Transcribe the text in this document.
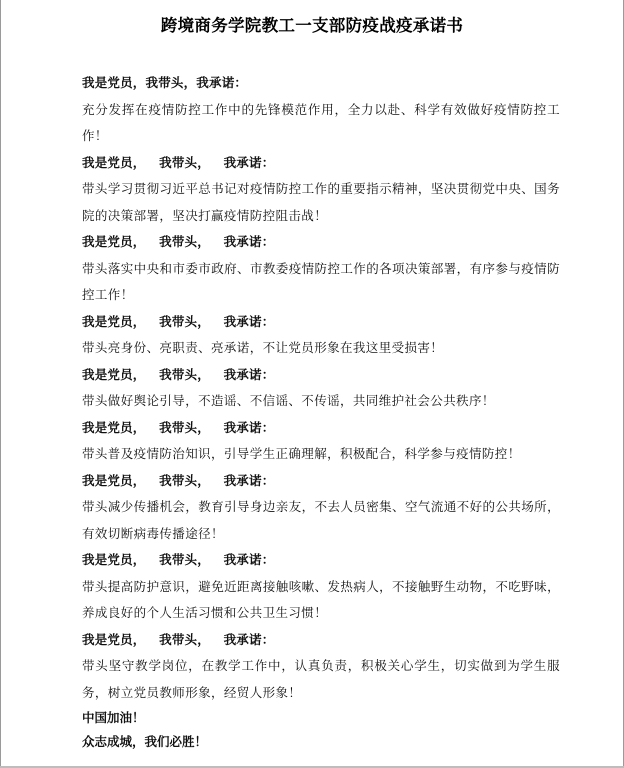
跨境商务学院教工一支部防疫战疫承诺书
我是党员，我带头，我承诺：
充分发挥在疫情防控工作中的先锋模范作用，全力以赴、科学有效做好疫情防控工作！
我是党员，   我带头，   我承诺：
带头学习贯彻习近平总书记对疫情防控工作的重要指示精神，坚决贯彻党中央、国务院的决策部署，坚决打赢疫情防控阻击战！
我是党员，   我带头，   我承诺：
带头落实中央和市委市政府、市教委疫情防控工作的各项决策部署，有序参与疫情防控工作！
我是党员，   我带头，   我承诺：
带头亮身份、亮职责、亮承诺，不让党员形象在我这里受损害！
我是党员，   我带头，   我承诺：
带头做好舆论引导，不造谣、不信谣、不传谣，共同维护社会公共秩序！
我是党员，   我带头，   我承诺：
带头普及疫情防治知识，引导学生正确理解，积极配合，科学参与疫情防控！
我是党员，   我带头，   我承诺：
带头减少传播机会，教育引导身边亲友，不去人员密集、空气流通不好的公共场所，有效切断病毒传播途径！
我是党员，   我带头，   我承诺：
带头提高防护意识，避免近距离接触咳嗽、发热病人，不接触野生动物，不吃野味，养成良好的个人生活习惯和公共卫生习惯！
我是党员，   我带头，   我承诺：
带头坚守教学岗位，在教学工作中，认真负责，积极关心学生，切实做到为学生服务，树立党员教师形象，经贸人形象！
中国加油！
众志成城，我们必胜！
